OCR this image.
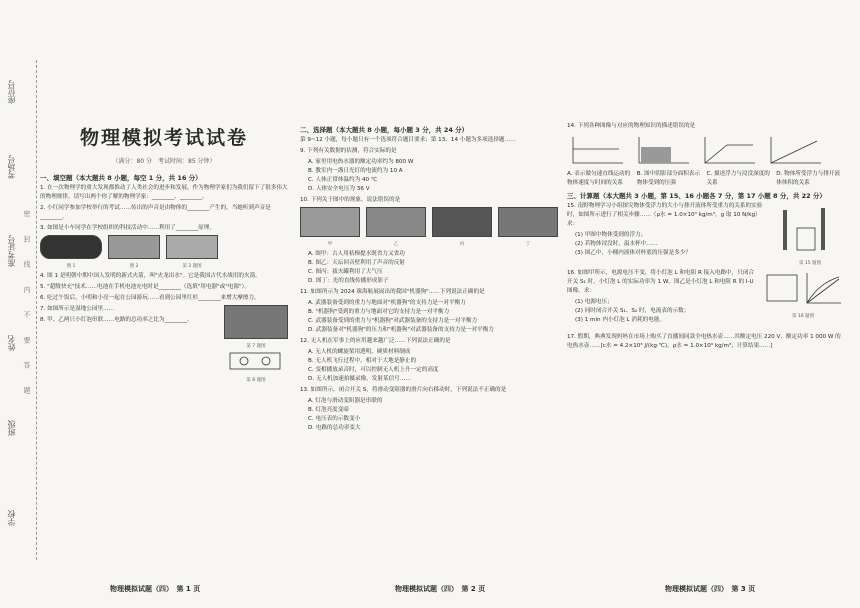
座位号
考场号
准考证号
姓名
班级
学校
密 封 线 内 不 要 答 题
物理模拟考试试卷
（满分：80 分　考试时间：85 分钟）
一、填空题（本大题共 8 小题，每空 1 分，共 16 分）

1. 在一次物理学的重大发现都推动了人类社会的进步和发展，作为物理学家们为我们留下了很多伟大的物理规律。请写出两个你了解的物理学家：________、________。

2. 小红同学参加学校举行的考试……传出的声音是由物体的________产生的，当她听到声音是________。

3. 如图是小车同学在学校组织的科技活动中……利用了________原理。

图 1	图 2	第 3 题图

4. 图 1 是明朝中期中国人发明的新式火箭，叫"火龙出水"。它是我国古代水战用的火箭。

5. "超级快充"技术……电池在手机电池充电时是________（选填"用电器"或"电源"）。

6. 吃过午饭后，小明和小亮一起在公园游玩……看到公园里红杉________来增大摩擦力。

7. 如图所示是湿地公园里……

8. 甲、乙两只小灯泡串联……电路的总功率之比为________。

第 7 题图
第 8 题图
物理模拟试题（四）　第 1 页
二、选择题（本大题共 8 小题，每小题 3 分，共 24 分）

第 9~12 小题，每小题只有一个选项符合题目要求；第 13、14 小题为多项选择题……

9. 下列有关数据的估测，符合实际的是

A. 家里用电热水器的额定功率约为 800 W
B. 教室内一盏日光灯的电流约为 10 A
C. 人体正常体温约为 40 ℃
D. 人体安全电压为 36 V

10. 下列关于图中的现象，说法错误的是

甲	乙	丙	丁
A. 图甲：古人用桔槔提水既省力又省功
B. 图乙：天坛回音壁利用了声音的反射
C. 图丙：拔火罐利用了大气压
D. 图丁：光的直线传播形成影子

11. 如图所示为 2024 珠海航展展出的我国"机器狗"……下列说法正确的是

A. 武器装备受到的重力与地面对"机器狗"的支持力是一对平衡力
B. "机器狗"受到的重力与地面对它的支持力是一对平衡力
C. 武器装备受到的重力与"机器狗"对武器装备的支持力是一对平衡力
D. 武器装备对"机器狗"的压力和"机器狗"对武器装备的支持力是一对平衡力

12. 无人机在军事上的应用越来越广泛……下列说法正确的是

A. 无人机的螺旋桨用透明、硬质材料制成
B. 无人机飞行过程中，相对于大地是静止的
C. 变相播放录音时，可以控制无人机上升一定的高度
D. 无人机加速拍摄录像，发射某信号……

13. 如图所示，闭合开关 S，将滑动变阻器的滑片向右移动时，下列说法不正确的是

A. 灯泡与滑动变阻器是串联的
B. 灯泡亮度变暗
C. 电压表的示数变小
D. 电路的总功率变大
物理模拟试题（四）　第 2 页

14. 下列各种图像与对应的物理知识的描述错误的是

A. 表示做匀速直线运动的物体速度与时间的关系
B. 图中阴影部分面积表示物体受到的压强
C. 描述浮力与浸没深度的关系
D. 物体所受浮力与排开液体体积的关系
三、计算题（本大题共 3 小题，第 15、16 小题各 7 分，第 17 小题 8 分，共 22 分）

15. 南野物理学习小组探究物体受浮力的大小与排开液体所受重力的关系的实验时，如图所示进行了相关步骤……（ρ水 = 1.0×10³ kg/m³，g 取 10 N/kg）求：

(1) 甲图中物体受到的浮力；
(2) 若物体浸没时，溢水杯中……
(3) 图乙中，小桶内液体对杯底的压强是多少？
第 15 题图

16. 如图甲所示，电源电压不变，将小灯泡 L 和电阻 R 接入电路中，只闭合开关 S₁ 时，小灯泡 L 的实际功率为 1 W。图乙是小灯泡 L 和电阻 R 的 I-U 图像。求：

(1) 电源电压；
(2) 同时闭合开关 S₁、S₂ 时，电流表的示数；
(3) 1 min 内小灯泡 L 消耗的电能。
第 16 题图

17. 假期，典典发现妈妈在市场上购买了直播间同款全电热水壶……其额定电压 220 V，额定功率 1 000 W 的电热水壶……[c水 = 4.2×10³ J/(kg·℃)，ρ水 = 1.0×10³ kg/m³，计算结果……]

物理模拟试题（四）　第 3 页
